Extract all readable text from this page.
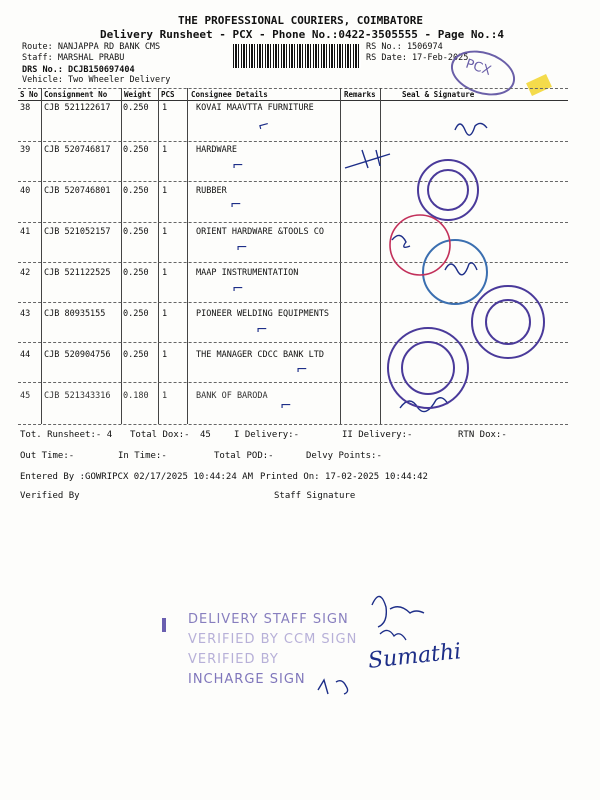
THE PROFESSIONAL COURIERS, COIMBATORE
Delivery Runsheet - PCX - Phone No.:0422-3505555 - Page No.:4
Route: NANJAPPA RD BANK CMS
Staff: MARSHAL PRABU
DRS No.: DCJB150697404
Vehicle: Two Wheeler Delivery
RS No.: 1506974
RS Date: 17-Feb-2025
PCX
S No Consignment No Weight PCS Consignee Details	Remarks	Seal & Signature
38 CJB 521122617 0.250 1	KOVAI MAAVTTA FURNITURE
39 CJB 520746817 0.250 1	HARDWARE
40 CJB 520746801 0.250 1	RUBBER
41 CJB 521052157 0.250 1	ORIENT HARDWARE &TOOLS CO
42 CJB 521122525 0.250 1	MAAP INSTRUMENTATION
43 CJB 80935155 0.250 1	PIONEER WELDING EQUIPMENTS
44 CJB 520904756 0.250 1	THE MANAGER CDCC BANK LTD
45 CJB 521343316 0.180 1	BANK OF BARODA
⌐
⌐
⌐
⌐
⌐
⌐
⌐
⌐
Tot. Runsheet:- 4 Total Dox:- 45	I Delivery:-	II Delivery:-	RTN Dox:-
Out Time:-	In Time:-	Total POD:-	Delvy Points:-
Entered By :GOWRIPCX 02/17/2025 10:44:24 AM Printed On: 17-02-2025 10:44:42
Verified By	Staff Signature
DELIVERY STAFF SIGN
VERIFIED BY CCM SIGN
VERIFIED BY
INCHARGE SIGN
Sumathi
